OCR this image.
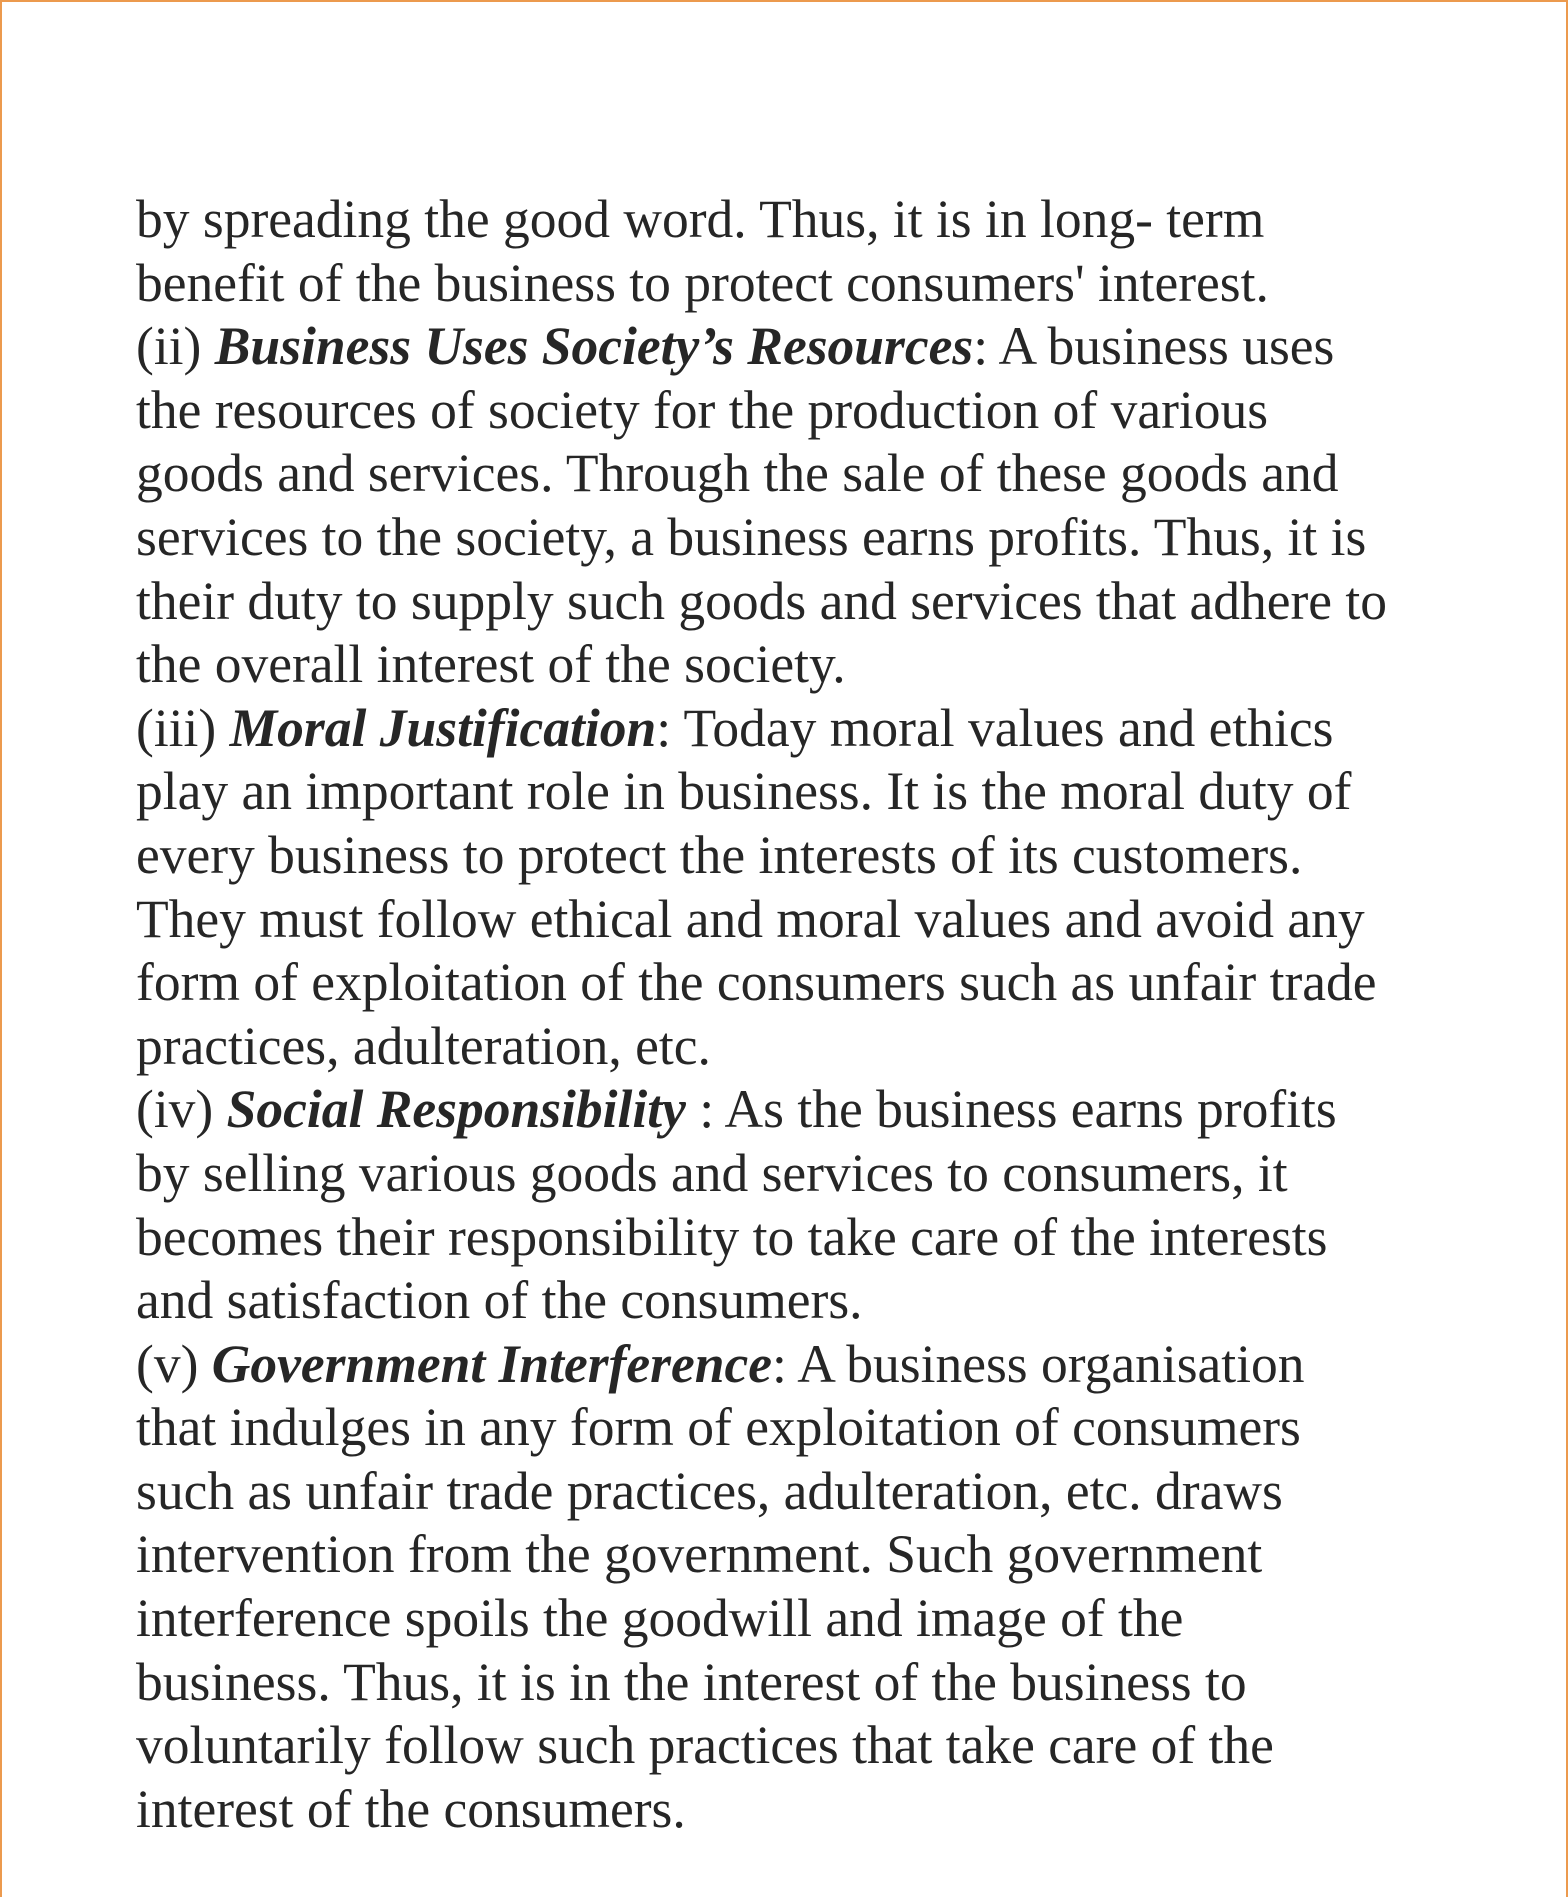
by spreading the good word. Thus, it is in long- term
benefit of the business to protect consumers' interest.
(ii) Business Uses Society’s Resources: A business uses
the resources of society for the production of various
goods and services. Through the sale of these goods and
services to the society, a business earns profits. Thus, it is
their duty to supply such goods and services that adhere to
the overall interest of the society.
(iii) Moral Justification: Today moral values and ethics
play an important role in business. It is the moral duty of
every business to protect the interests of its customers.
They must follow ethical and moral values and avoid any
form of exploitation of the consumers such as unfair trade
practices, adulteration, etc.
(iv) Social Responsibility : As the business earns profits
by selling various goods and services to consumers, it
becomes their responsibility to take care of the interests
and satisfaction of the consumers.
(v) Government Interference: A business organisation
that indulges in any form of exploitation of consumers
such as unfair trade practices, adulteration, etc. draws
intervention from the government. Such government
interference spoils the goodwill and image of the
business. Thus, it is in the interest of the business to
voluntarily follow such practices that take care of the
interest of the consumers.
